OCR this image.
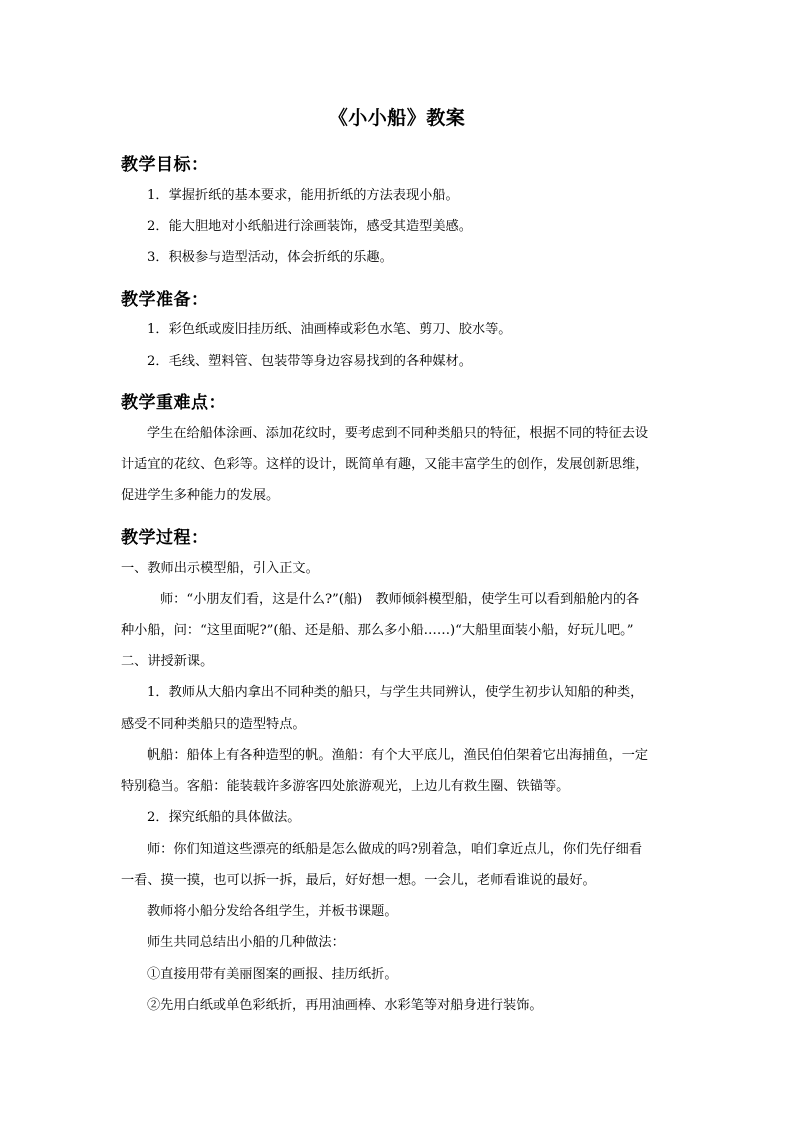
《小小船》教案
教学目标：
1．掌握折纸的基本要求，能用折纸的方法表现小船。
2．能大胆地对小纸船进行涂画装饰，感受其造型美感。
3．积极参与造型活动，体会折纸的乐趣。
教学准备：
1．彩色纸或废旧挂历纸、油画棒或彩色水笔、剪刀、胶水等。
2．毛线、塑料管、包装带等身边容易找到的各种媒材。
教学重难点：
学生在给船体涂画、添加花纹时，要考虑到不同种类船只的特征，根据不同的特征去设
计适宜的花纹、色彩等。这样的设计，既简单有趣，又能丰富学生的创作，发展创新思维，
促进学生多种能力的发展。
教学过程：
一、教师出示模型船，引入正文。
师：“小朋友们看，这是什么?”(船)　教师倾斜模型船，使学生可以看到船舱内的各
种小船，问：“这里面呢?”(船、还是船、那么多小船……)“大船里面装小船，好玩儿吧。”
二、讲授新课。
1．教师从大船内拿出不同种类的船只，与学生共同辨认，使学生初步认知船的种类，
感受不同种类船只的造型特点。
帆船：船体上有各种造型的帆。渔船：有个大平底儿，渔民伯伯架着它出海捕鱼，一定
特别稳当。客船：能装载许多游客四处旅游观光，上边儿有救生圈、铁锚等。
2．探究纸船的具体做法。
师：你们知道这些漂亮的纸船是怎么做成的吗?别着急，咱们拿近点儿，你们先仔细看
一看、摸一摸，也可以拆一拆，最后，好好想一想。一会儿，老师看谁说的最好。
教师将小船分发给各组学生，并板书课题。
师生共同总结出小船的几种做法：
①直接用带有美丽图案的画报、挂历纸折。
②先用白纸或单色彩纸折，再用油画棒、水彩笔等对船身进行装饰。
